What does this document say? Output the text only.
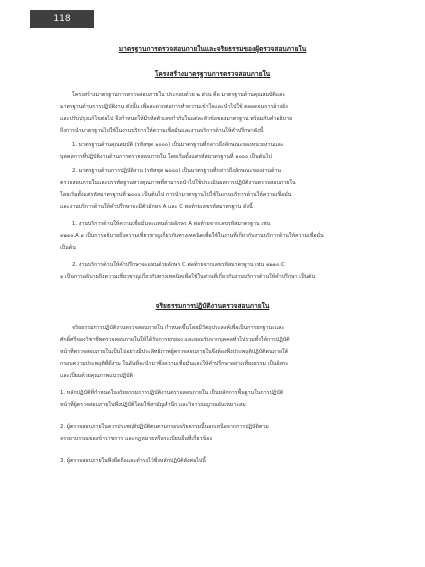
118
มาตรฐานการตรวจสอบภายในและจริยธรรมของผู้ตรวจสอบภายใน
โครงสร้างมาตรฐานการตรวจสอบภายใน
โครงสร้างมาตรฐานการตรวจสอบภายใน ประกอบด้วย ๒ ส่วน คือ มาตรฐานด้านคุณสมบัติและ
มาตรฐานด้านการปฏิบัติงาน ดังนั้น เพื่อสะดวกต่อการทำความเข้าใจและนำไปใช้ ตลอดจนการอ้างอิง
และปรับปรุงแก้ไขต่อไป จึงกำหนดให้มีรหัสตัวเลขกำกับในแต่ละหัวข้อของมาตรฐาน พร้อมกับคำอธิบาย
ถึงการนำมาตรฐานไปใช้ในงานบริการให้ความเชื่อมั่นและงานบริการด้านให้คำปรึกษาดังนี้
1. มาตรฐานด้านคุณสมบัติ (รหัสชุด ๑๐๐๐) เป็นมาตรฐานที่กล่าวถึงลักษณะของหน่วยงานและ
บุคคลการที่ปฏิบัติงานด้านการตรวจสอบภายใน โดยเริ่มตั้งแต่รหัสมาตรฐานที่ ๑๐๐๐ เป็นต้นไป
2. มาตรฐานด้านการปฏิบัติงาน (รหัสชุด ๒๐๐๐) เป็นมาตรฐานที่กล่าวถึงลักษณะของงานด้าน
ตรวจสอบภายในและบรรทัดฐานทางคุณภาพที่สามารถนำไปใช้ประเมินผลการปฏิบัติงานตรวจสอบภายใน
โดยเริ่มตั้งแต่รหัสมาตรฐานที่ ๒๐๐๐ เป็นต้นไป การนำมาตรฐานไปใช้ในงานบริการด้านให้ความเชื่อมั่น
และงานบริการด้านให้คำปรึกษาจะมีตัวอักษร A และ C ต่อท้ายเลขรหัสมาตรฐาน ดังนี้
1. งานบริการด้านให้ความเชื่อมั่นจะแทนด้วยอักษร A ต่อท้ายจากเลขรหัสมาตรฐาน เช่น
๑๒๑๐.A ๑ เป็นการอธิบายถึงความเชี่ยวชาญเกี่ยวกับทางเทคนิคเพื่อใช้ในงานที่เกี่ยวกับงานบริการด้านให้ความเชื่อมั่น
เป็นต้น
2. งานบริการด้านให้คำปรึกษาจะแทนด้วยอักษร C ต่อท้ายจากเลขรหัสมาตรฐาน เช่น ๑๒๑๐.C
๑ เป็นการอธิบายถึงความเชี่ยวชาญเกี่ยวกับทางเทคนิคเพื่อใช้ในส่วนที่เกี่ยวกับงานบริการด้านให้คำปรึกษา เป็นต้น
จริยธรรมการปฏิบัติงานตรวจสอบภายใน
จริยธรรมการปฏิบัติงานตรวจสอบภายใน กำหนดขึ้นโดยมีวัตถุประสงค์เพื่อเป็นการยกฐานะและ
ศักดิ์ศรีของวิชาชีพตรวจสอบภายในให้ได้รับการยกย่อง และยอมรับจากบุคคลทั่วไปรวมทั้งให้การปฏิบัติ
หน้าที่ตรวจสอบภายในเป็นไปอย่างมีประสิทธิภาพผู้ตรวจสอบภายในจึงต้องพึงประพฤติปฏิบัติตนภายใต้
กรอบความประพฤติที่ดีงาม ในอันที่จะนำมาซึ่งความเชื่อมั่นและให้คำปรึกษาอย่างเที่ยงธรรม เป็นอิสระ
และเปี่ยมด้วยคุณภาพแนวปฏิบัติ
1. หลักปฏิบัติที่กำหนดในจริยธรรมการปฏิบัติงานตรวจสอบภายใน เป็นหลักการพื้นฐานในการปฏิบัติ
หน้าที่ผู้ตรวจสอบภายในพึงปฏิบัติโดยใช้สามัญสำนึก และวิจารณญาณอันเหมาะสม
2. ผู้ตรวจสอบภายในควรประพฤติปฏิบัติตนตามกรอบจริยธรรมนี้นอกเหนือจากการปฏิบัติตาม
จรรยาบรรณของข้าราชการ และกฎหมายหรือระเบียบอื่นที่เกี่ยวข้อง
3. ผู้ตรวจสอบภายในพึงยึดถือและดำรงไว้ซึ่งหลักปฏิบัติดังต่อไปนี้
